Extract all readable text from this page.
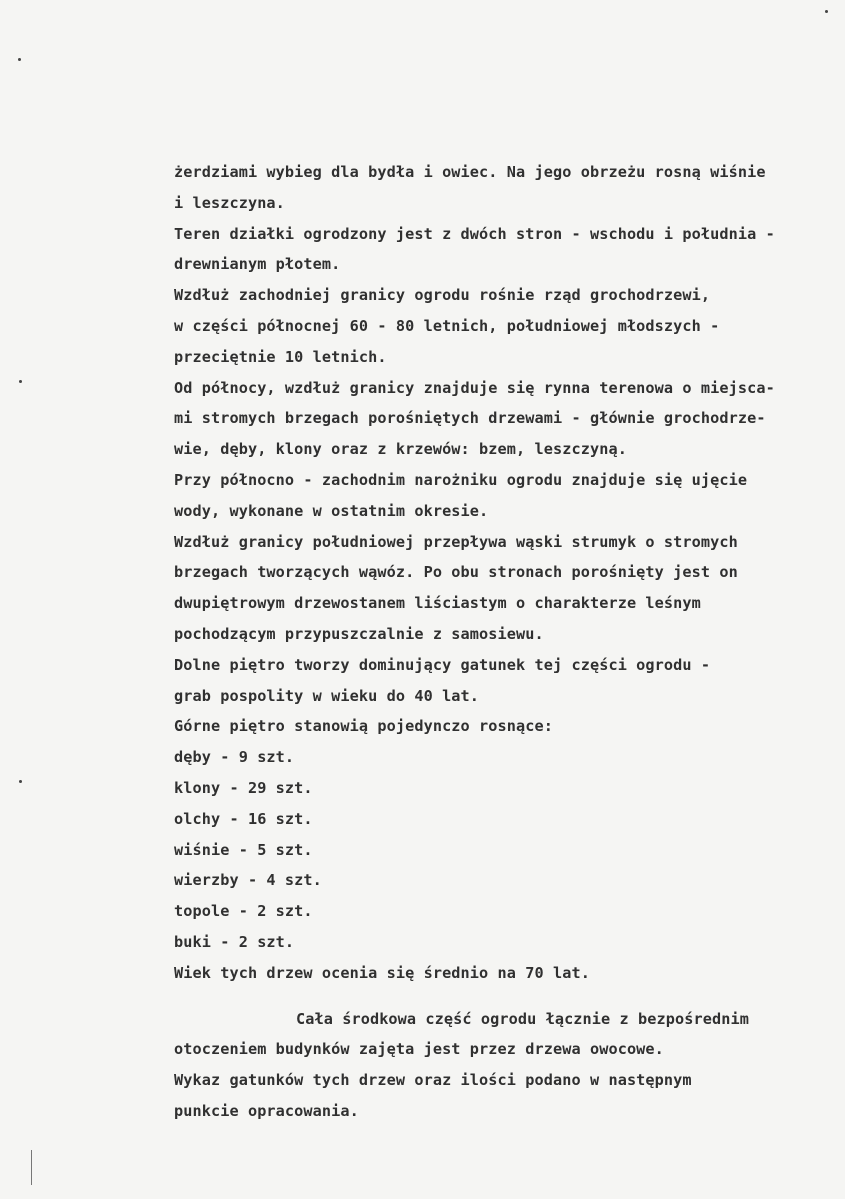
żerdziami wybieg dla bydła i owiec. Na jego obrzeżu rosną wiśnie
i leszczyna.
Teren działki ogrodzony jest z dwóch stron - wschodu i południa -
drewnianym płotem.
Wzdłuż zachodniej granicy ogrodu rośnie rząd grochodrzewi,
w części północnej 60 - 80 letnich, południowej młodszych -
przeciętnie 10 letnich.
Od północy, wzdłuż granicy znajduje się rynna terenowa o miejsca-
mi stromych brzegach porośniętych drzewami - głównie grochodrze-
wie, dęby, klony oraz z krzewów: bzem, leszczyną.
Przy północno - zachodnim narożniku ogrodu znajduje się ujęcie
wody, wykonane w ostatnim okresie.
Wzdłuż granicy południowej przepływa wąski strumyk o stromych
brzegach tworzących wąwóz. Po obu stronach porośnięty jest on
dwupiętrowym drzewostanem liściastym o charakterze leśnym
pochodzącym przypuszczalnie z samosiewu.
Dolne piętro tworzy dominujący gatunek tej części ogrodu -
grab pospolity w wieku do 40 lat.
Górne piętro stanowią pojedynczo rosnące:
dęby - 9 szt.
klony - 29 szt.
olchy - 16 szt.
wiśnie - 5 szt.
wierzby - 4 szt.
topole - 2 szt.
buki - 2 szt.
Wiek tych drzew ocenia się średnio na 70 lat.
Cała środkowa część ogrodu łącznie z bezpośrednim
otoczeniem budynków zajęta jest przez drzewa owocowe.
Wykaz gatunków tych drzew oraz ilości podano w następnym
punkcie opracowania.
